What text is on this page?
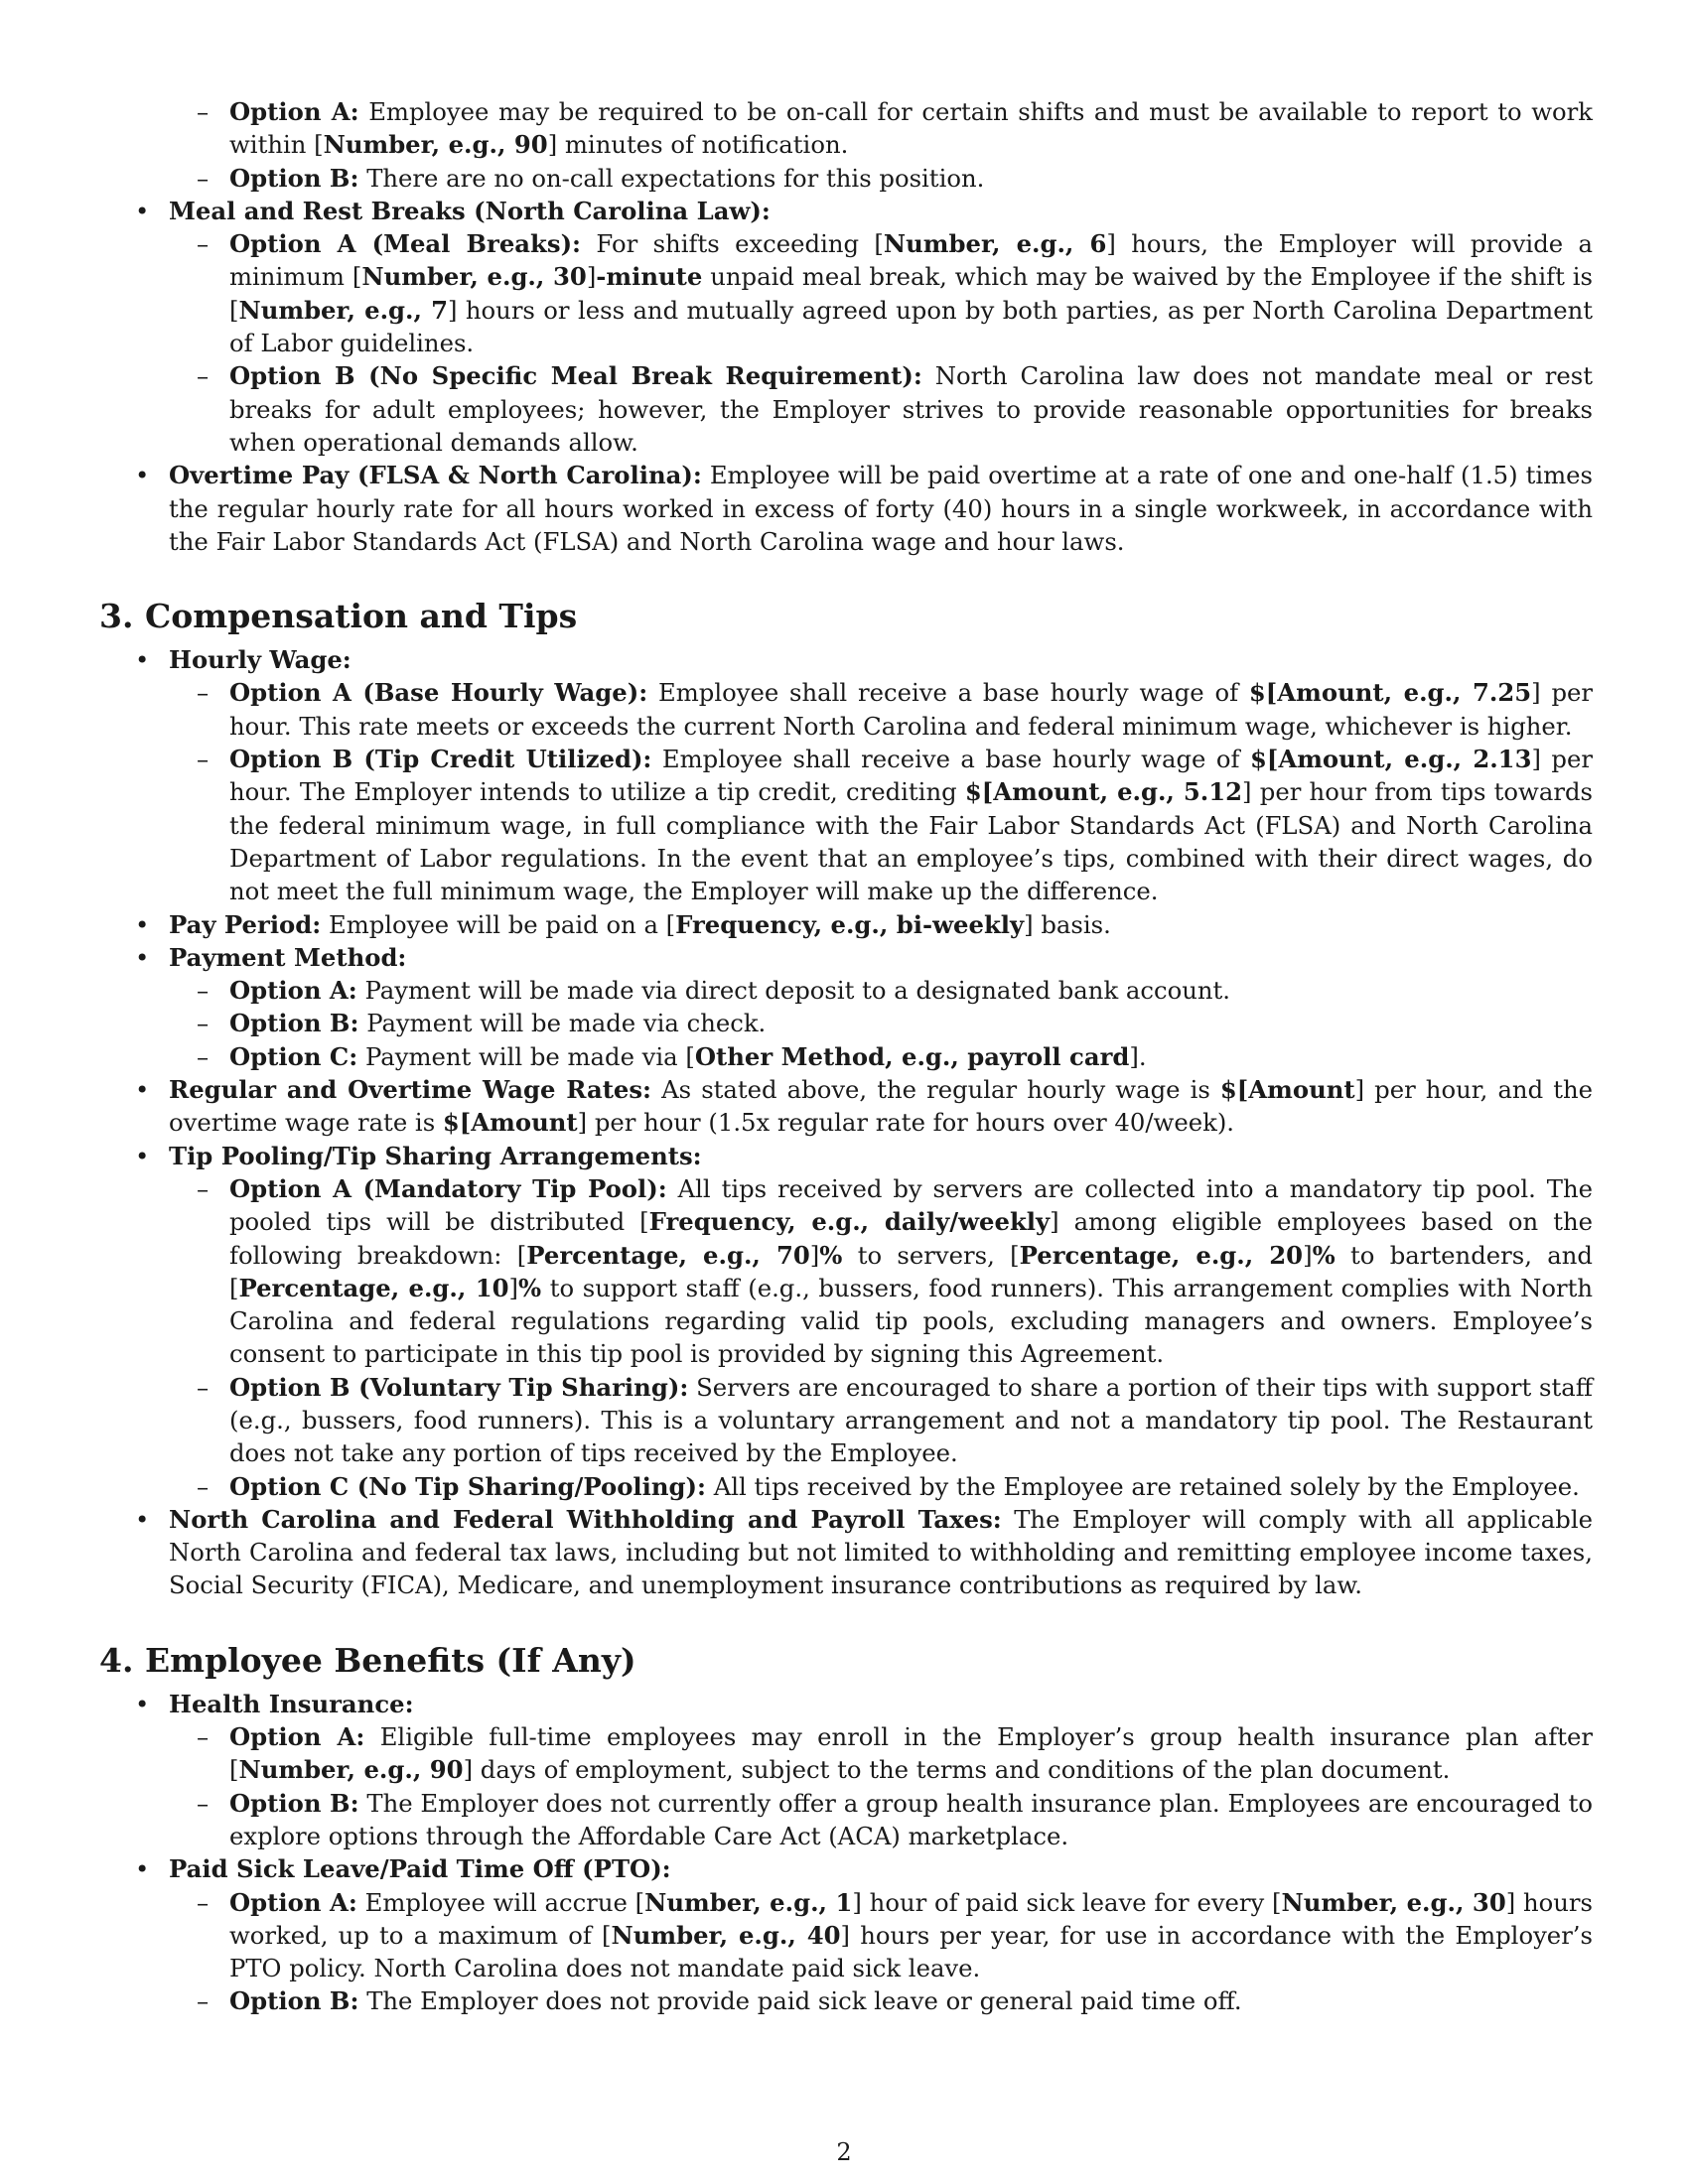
– Option A: Employee may be required to be on-call for certain shifts and must be available to report to work within [Number, e.g., 90] minutes of notification.
– Option B: There are no on-call expectations for this position.
• Meal and Rest Breaks (North Carolina Law):
– Option A (Meal Breaks): For shifts exceeding [Number, e.g., 6] hours, the Employer will provide a minimum [Number, e.g., 30]-minute unpaid meal break, which may be waived by the Employee if the shift is [Number, e.g., 7] hours or less and mutually agreed upon by both parties, as per North Carolina Department of Labor guidelines.
– Option B (No Specific Meal Break Requirement): North Carolina law does not mandate meal or rest breaks for adult employees; however, the Employer strives to provide reasonable opportunities for breaks when operational demands allow.
• Overtime Pay (FLSA & North Carolina): Employee will be paid overtime at a rate of one and one-half (1.5) times the regular hourly rate for all hours worked in excess of forty (40) hours in a single workweek, in accordance with the Fair Labor Standards Act (FLSA) and North Carolina wage and hour laws.
3. Compensation and Tips
• Hourly Wage:
– Option A (Base Hourly Wage): Employee shall receive a base hourly wage of $[Amount, e.g., 7.25] per hour. This rate meets or exceeds the current North Carolina and federal minimum wage, whichever is higher.
– Option B (Tip Credit Utilized): Employee shall receive a base hourly wage of $[Amount, e.g., 2.13] per hour. The Employer intends to utilize a tip credit, crediting $[Amount, e.g., 5.12] per hour from tips towards the federal minimum wage, in full compliance with the Fair Labor Standards Act (FLSA) and North Carolina Department of Labor regulations. In the event that an employee’s tips, combined with their direct wages, do not meet the full minimum wage, the Employer will make up the difference.
• Pay Period: Employee will be paid on a [Frequency, e.g., bi-weekly] basis.
• Payment Method:
– Option A: Payment will be made via direct deposit to a designated bank account.
– Option B: Payment will be made via check.
– Option C: Payment will be made via [Other Method, e.g., payroll card].
• Regular and Overtime Wage Rates: As stated above, the regular hourly wage is $[Amount] per hour, and the overtime wage rate is $[Amount] per hour (1.5x regular rate for hours over 40/week).
• Tip Pooling/Tip Sharing Arrangements:
– Option A (Mandatory Tip Pool): All tips received by servers are collected into a mandatory tip pool. The pooled tips will be distributed [Frequency, e.g., daily/weekly] among eligible employees based on the following breakdown: [Percentage, e.g., 70]% to servers, [Percentage, e.g., 20]% to bartenders, and [Percentage, e.g., 10]% to support staff (e.g., bussers, food runners). This arrangement complies with North Carolina and federal regulations regarding valid tip pools, excluding managers and owners. Employee’s consent to participate in this tip pool is provided by signing this Agreement.
– Option B (Voluntary Tip Sharing): Servers are encouraged to share a portion of their tips with support staff (e.g., bussers, food runners). This is a voluntary arrangement and not a mandatory tip pool. The Restaurant does not take any portion of tips received by the Employee.
– Option C (No Tip Sharing/Pooling): All tips received by the Employee are retained solely by the Employee.
• North Carolina and Federal Withholding and Payroll Taxes: The Employer will comply with all applicable North Carolina and federal tax laws, including but not limited to withholding and remitting employee income taxes, Social Security (FICA), Medicare, and unemployment insurance contributions as required by law.
4. Employee Benefits (If Any)
• Health Insurance:
– Option A: Eligible full-time employees may enroll in the Employer’s group health insurance plan after [Number, e.g., 90] days of employment, subject to the terms and conditions of the plan document.
– Option B: The Employer does not currently offer a group health insurance plan. Employees are encouraged to explore options through the Affordable Care Act (ACA) marketplace.
• Paid Sick Leave/Paid Time Off (PTO):
– Option A: Employee will accrue [Number, e.g., 1] hour of paid sick leave for every [Number, e.g., 30] hours worked, up to a maximum of [Number, e.g., 40] hours per year, for use in accordance with the Employer’s PTO policy. North Carolina does not mandate paid sick leave.
– Option B: The Employer does not provide paid sick leave or general paid time off.
2
